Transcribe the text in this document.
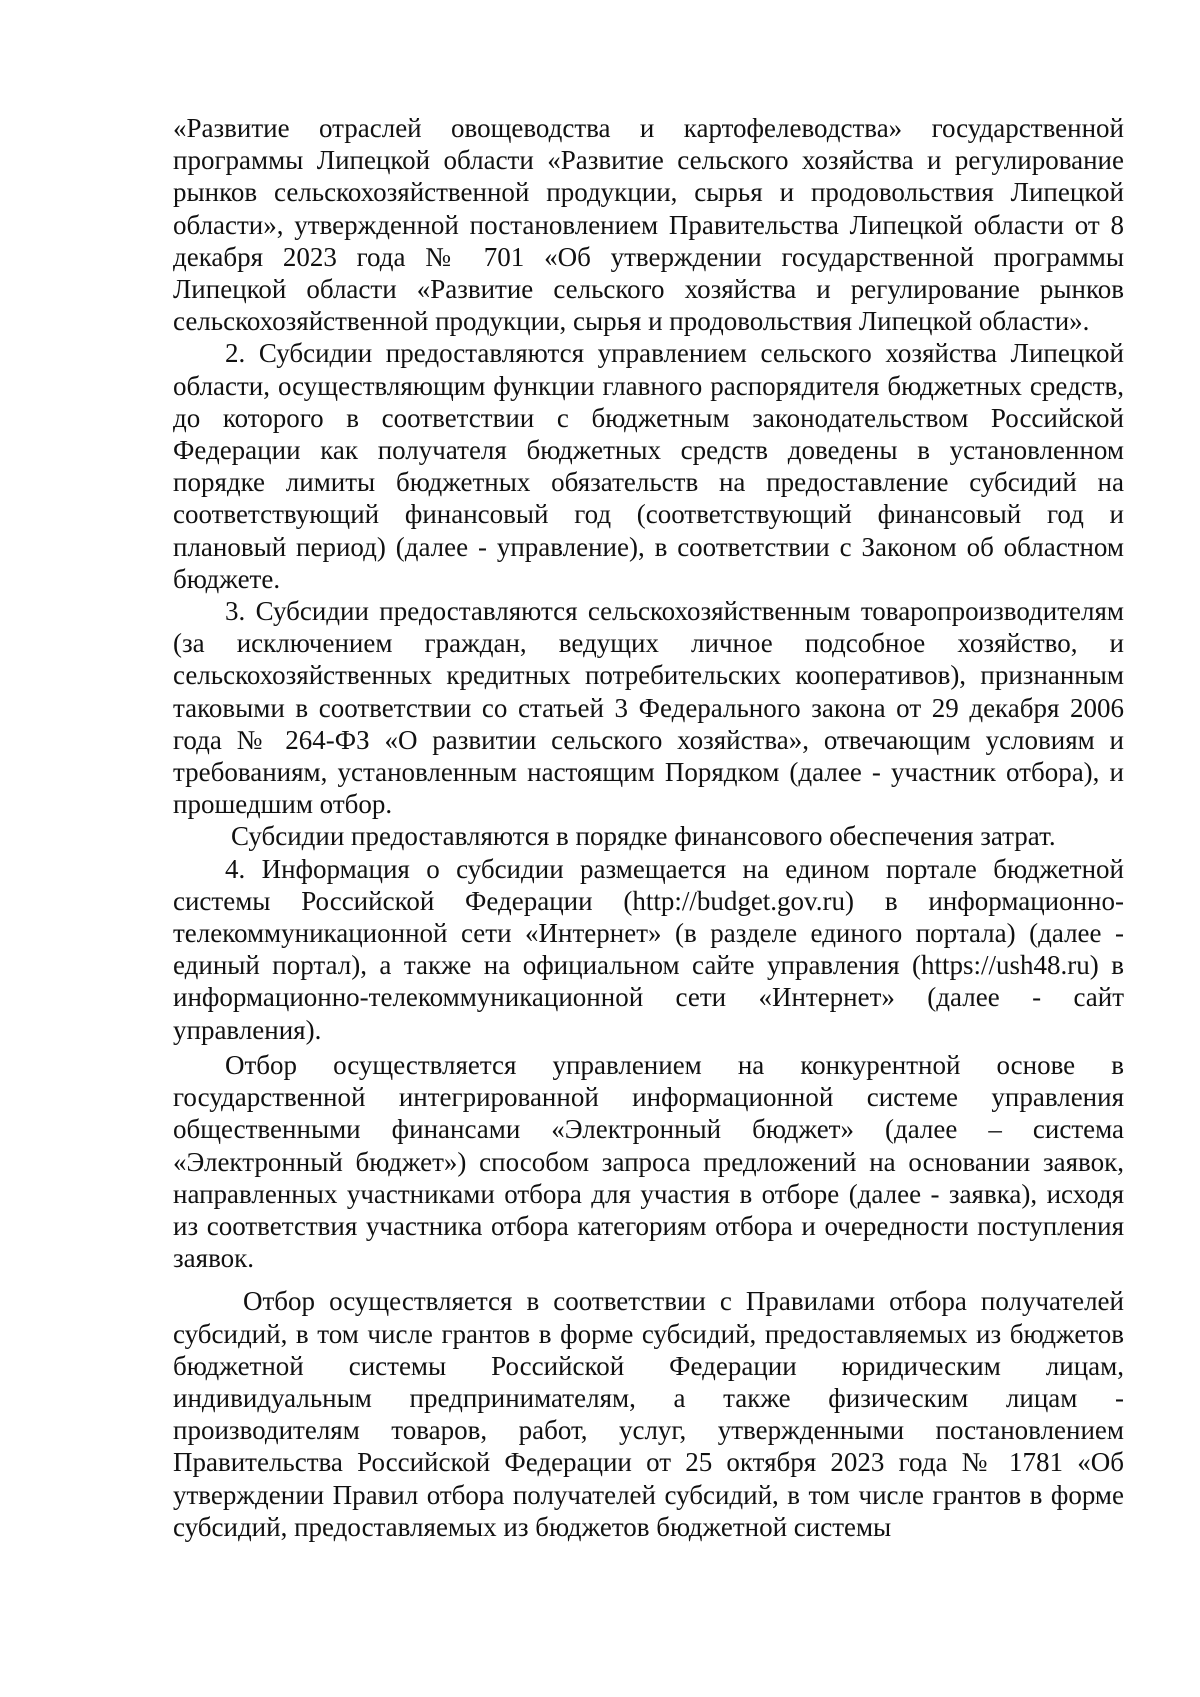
«Развитие отраслей овощеводства и картофелеводства» государственной программы Липецкой области «Развитие сельского хозяйства и регулирование рынков сельскохозяйственной продукции, сырья и продовольствия Липецкой области», утвержденной постановлением Правительства Липецкой области от 8 декабря 2023 года № 701 «Об утверждении государственной программы Липецкой области «Развитие сельского хозяйства и регулирование рынков сельскохозяйственной продукции, сырья и продовольствия Липецкой области».

2. Субсидии предоставляются управлением сельского хозяйства Липецкой области, осуществляющим функции главного распорядителя бюджетных средств, до которого в соответствии с бюджетным законодательством Российской Федерации как получателя бюджетных средств доведены в установленном порядке лимиты бюджетных обязательств на предоставление субсидий на соответствующий финансовый год (соответствующий финансовый год и плановый период) (далее - управление), в соответствии с Законом об областном бюджете.

3. Субсидии предоставляются сельскохозяйственным товаропроизводителям (за исключением граждан, ведущих личное подсобное хозяйство, и сельскохозяйственных кредитных потребительских кооперативов), признанным таковыми в соответствии со статьей 3 Федерального закона от 29 декабря 2006 года № 264-ФЗ «О развитии сельского хозяйства», отвечающим условиям и требованиям, установленным настоящим Порядком (далее - участник отбора), и прошедшим отбор.

Субсидии предоставляются в порядке финансового обеспечения затрат.

4. Информация о субсидии размещается на едином портале бюджетной системы Российской Федерации (http://budget.gov.ru) в информационно-телекоммуникационной сети «Интернет» (в разделе единого портала) (далее - единый портал), а также на официальном сайте управления (https://ush48.ru) в информационно-телекоммуникационной сети «Интернет» (далее - сайт управления).

Отбор осуществляется управлением на конкурентной основе в государственной интегрированной информационной системе управления общественными финансами «Электронный бюджет» (далее – система «Электронный бюджет») способом запроса предложений на основании заявок, направленных участниками отбора для участия в отборе (далее - заявка), исходя из соответствия участника отбора категориям отбора и очередности поступления заявок.

Отбор осуществляется в соответствии с Правилами отбора получателей субсидий, в том числе грантов в форме субсидий, предоставляемых из бюджетов бюджетной системы Российской Федерации юридическим лицам, индивидуальным предпринимателям, а также физическим лицам - производителям товаров, работ, услуг, утвержденными постановлением Правительства Российской Федерации от 25 октября 2023 года № 1781 «Об утверждении Правил отбора получателей субсидий, в том числе грантов в форме субсидий, предоставляемых из бюджетов бюджетной системы
